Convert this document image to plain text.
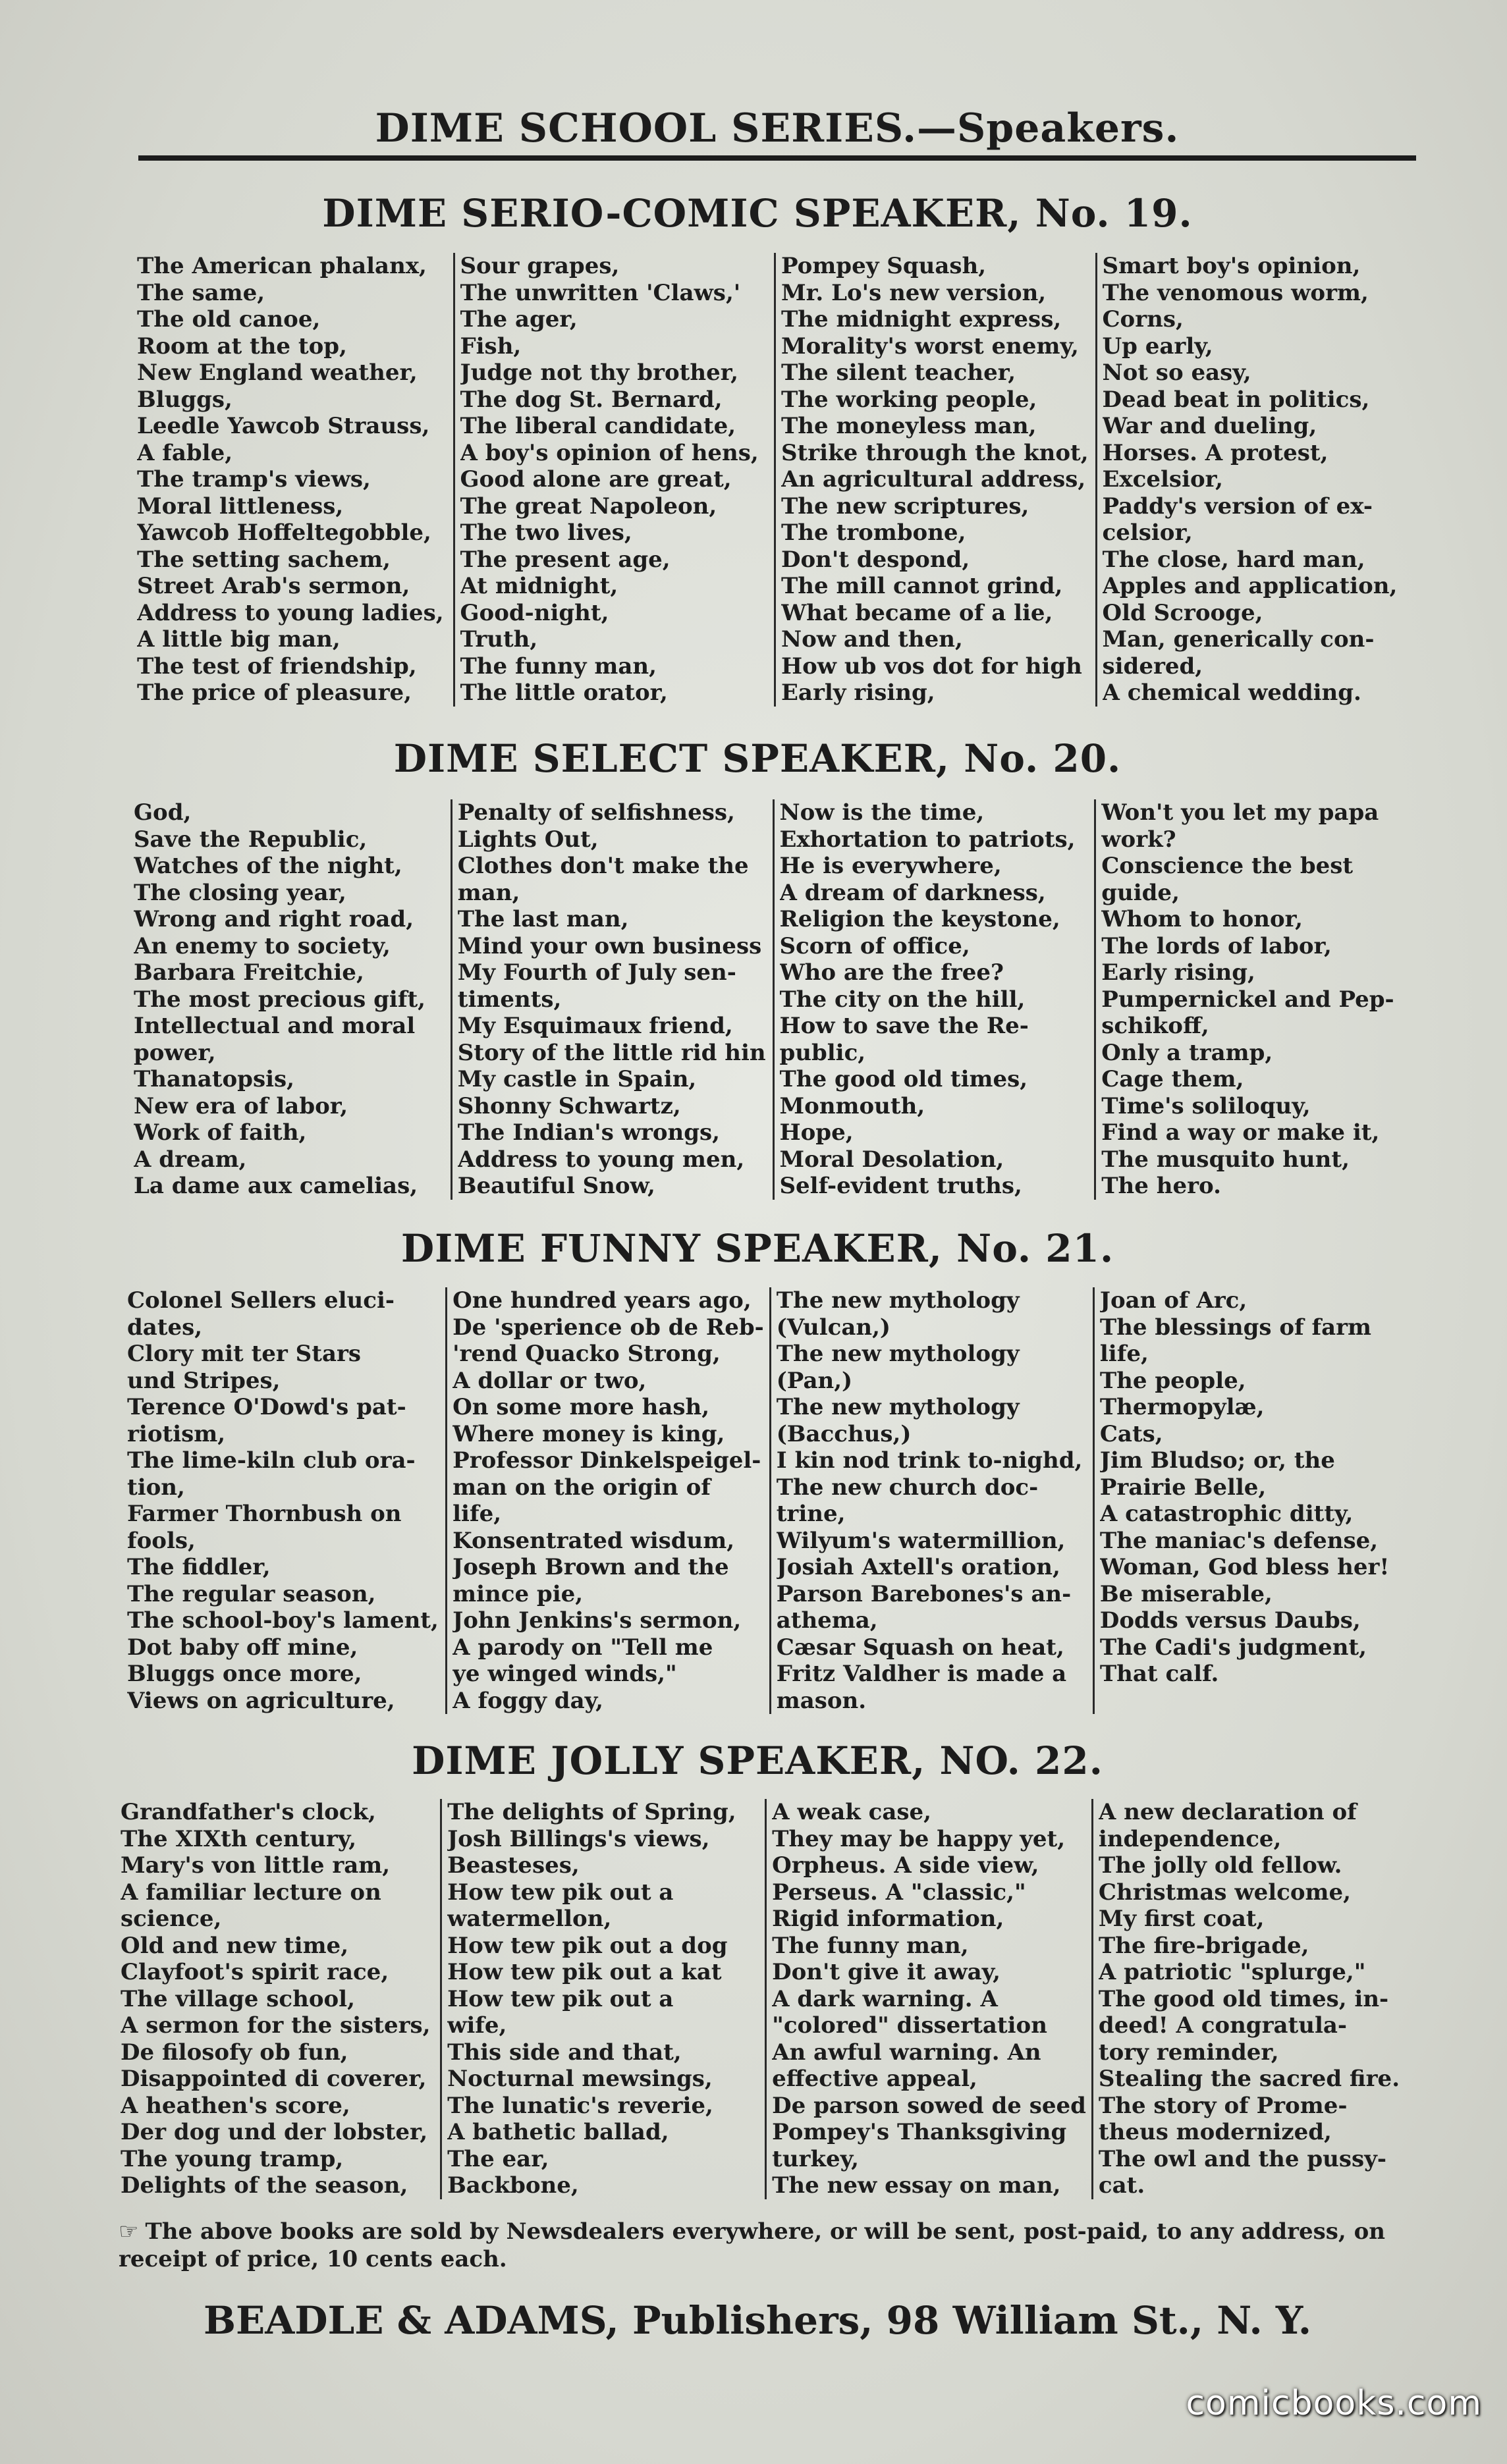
DIME SCHOOL SERIES.—Speakers.
DIME SERIO-COMIC SPEAKER, No. 19.
The American phalanx,
The same,
The old canoe,
Room at the top,
New England weather,
Bluggs,
Leedle Yawcob Strauss,
A fable,
The tramp's views,
Moral littleness,
Yawcob Hoffeltegobble,
The setting sachem,
Street Arab's sermon,
Address to young ladies,
A little big man,
The test of friendship,
The price of pleasure,
Sour grapes,
The unwritten 'Claws,'
The ager,
Fish,
Judge not thy brother,
The dog St. Bernard,
The liberal candidate,
A boy's opinion of hens,
Good alone are great,
The great Napoleon,
The two lives,
The present age,
At midnight,
Good-night,
Truth,
The funny man,
The little orator,
Pompey Squash,
Mr. Lo's new version,
The midnight express,
Morality's worst enemy,
The silent teacher,
The working people,
The moneyless man,
Strike through the knot,
An agricultural address,
The new scriptures,
The trombone,
Don't despond,
The mill cannot grind,
What became of a lie,
Now and then,
How ub vos dot for high
Early rising,
Smart boy's opinion,
The venomous worm,
Corns,
Up early,
Not so easy,
Dead beat in politics,
War and dueling,
Horses. A protest,
Excelsior,
Paddy's version of ex-
celsior,
The close, hard man,
Apples and application,
Old Scrooge,
Man, generically con-
sidered,
A chemical wedding.
DIME SELECT SPEAKER, No. 20.
God,
Save the Republic,
Watches of the night,
The closing year,
Wrong and right road,
An enemy to society,
Barbara Freitchie,
The most precious gift,
Intellectual and moral
power,
Thanatopsis,
New era of labor,
Work of faith,
A dream,
La dame aux camelias,
Penalty of selfishness,
Lights Out,
Clothes don't make the
man,
The last man,
Mind your own business
My Fourth of July sen-
timents,
My Esquimaux friend,
Story of the little rid hin
My castle in Spain,
Shonny Schwartz,
The Indian's wrongs,
Address to young men,
Beautiful Snow,
Now is the time,
Exhortation to patriots,
He is everywhere,
A dream of darkness,
Religion the keystone,
Scorn of office,
Who are the free?
The city on the hill,
How to save the Re-
public,
The good old times,
Monmouth,
Hope,
Moral Desolation,
Self-evident truths,
Won't you let my papa
work?
Conscience the best
guide,
Whom to honor,
The lords of labor,
Early rising,
Pumpernickel and Pep-
schikoff,
Only a tramp,
Cage them,
Time's soliloquy,
Find a way or make it,
The musquito hunt,
The hero.
DIME FUNNY SPEAKER, No. 21.
Colonel Sellers eluci-
dates,
Clory mit ter Stars
und Stripes,
Terence O'Dowd's pat-
riotism,
The lime-kiln club ora-
tion,
Farmer Thornbush on
fools,
The fiddler,
The regular season,
The school-boy's lament,
Dot baby off mine,
Bluggs once more,
Views on agriculture,
One hundred years ago,
De 'sperience ob de Reb-
'rend Quacko Strong,
A dollar or two,
On some more hash,
Where money is king,
Professor Dinkelspeigel-
man on the origin of
life,
Konsentrated wisdum,
Joseph Brown and the
mince pie,
John Jenkins's sermon,
A parody on "Tell me
ye winged winds,"
A foggy day,
The new mythology
(Vulcan,)
The new mythology
(Pan,)
The new mythology
(Bacchus,)
I kin nod trink to-nighd,
The new church doc-
trine,
Wilyum's watermillion,
Josiah Axtell's oration,
Parson Barebones's an-
athema,
Cæsar Squash on heat,
Fritz Valdher is made a
mason.
Joan of Arc,
The blessings of farm
life,
The people,
Thermopylæ,
Cats,
Jim Bludso; or, the
Prairie Belle,
A catastrophic ditty,
The maniac's defense,
Woman, God bless her!
Be miserable,
Dodds versus Daubs,
The Cadi's judgment,
That calf.
DIME JOLLY SPEAKER, NO. 22.
Grandfather's clock,
The XIXth century,
Mary's von little ram,
A familiar lecture on
science,
Old and new time,
Clayfoot's spirit race,
The village school,
A sermon for the sisters,
De filosofy ob fun,
Disappointed di coverer,
A heathen's score,
Der dog und der lobster,
The young tramp,
Delights of the season,
The delights of Spring,
Josh Billings's views,
Beasteses,
How tew pik out a
watermellon,
How tew pik out a dog
How tew pik out a kat
How tew pik out a
wife,
This side and that,
Nocturnal mewsings,
The lunatic's reverie,
A bathetic ballad,
The ear,
Backbone,
A weak case,
They may be happy yet,
Orpheus. A side view,
Perseus. A "classic,"
Rigid information,
The funny man,
Don't give it away,
A dark warning. A
"colored" dissertation
An awful warning. An
effective appeal,
De parson sowed de seed
Pompey's Thanksgiving
turkey,
The new essay on man,
A new declaration of
independence,
The jolly old fellow.
Christmas welcome,
My first coat,
The fire-brigade,
A patriotic "splurge,"
The good old times, in-
deed! A congratula-
tory reminder,
Stealing the sacred fire.
The story of Prome-
theus modernized,
The owl and the pussy-
cat.
☞ The above books are sold by Newsdealers everywhere, or will be sent, post-paid, to any address, on receipt of price, 10 cents each.
BEADLE & ADAMS, Publishers, 98 William St., N. Y.
comicbooks.com
